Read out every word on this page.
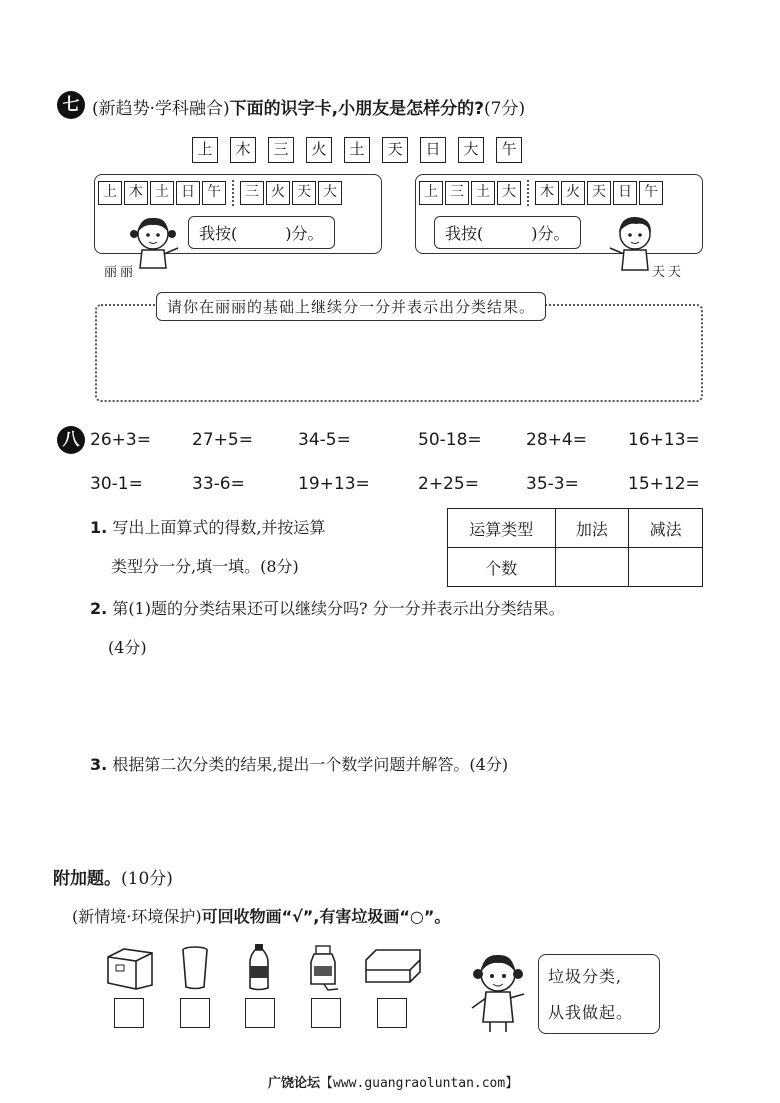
七 (新趋势·学科融合)下面的识字卡,小朋友是怎样分的?(7分)
上	木	三	火	土	天	日	大	午
上 木 土 日 午	三 火 天 大
我按(　　　)分。
丽丽
上 三 土 大	木 火 天 日 午
我按(　　　)分。
天天
请你在丽丽的基础上继续分一分并表示出分类结果。
八 26+3= 27+5=	34-5=	50-18=	28+4= 16+13=
30-1=	33-6=	19+13=	2+25=	35-3=	15+12=
1. 写出上面算式的得数,并按运算
类型分一分,填一填。(8分)
运算类型	加法	减法
个数		
2. 第(1)题的分类结果还可以继续分吗? 分一分并表示出分类结果。
(4分)
3. 根据第二次分类的结果,提出一个数学问题并解答。(4分)
附加题。(10分)
(新情境·环境保护)可回收物画“√”,有害垃圾画“○”。
垃圾分类,
从我做起。
广饶论坛【www.guangraoluntan.com】
